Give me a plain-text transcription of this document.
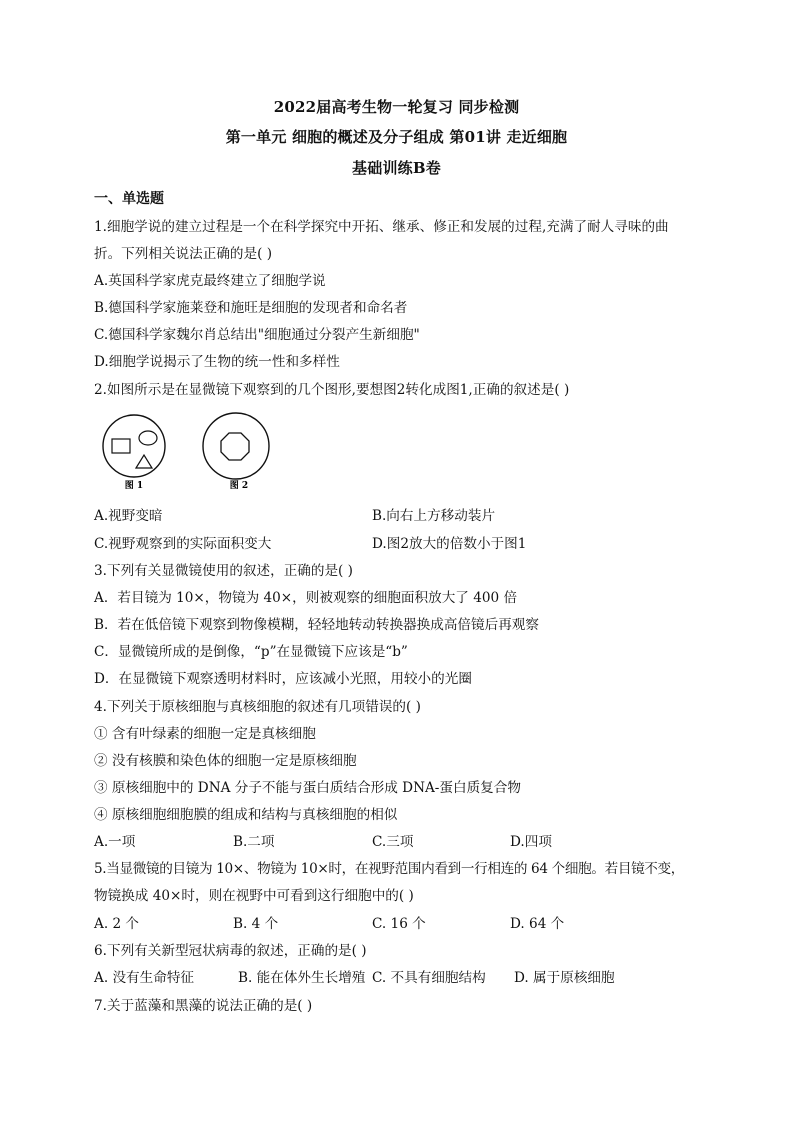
2022届高考生物一轮复习 同步检测
第一单元 细胞的概述及分子组成 第01讲 走近细胞
基础训练B卷
一、单选题
1.细胞学说的建立过程是一个在科学探究中开拓、继承、修正和发展的过程,充满了耐人寻味的曲
折。下列相关说法正确的是( )
A.英国科学家虎克最终建立了细胞学说
B.德国科学家施莱登和施旺是细胞的发现者和命名者
C.德国科学家魏尔肖总结出"细胞通过分裂产生新细胞"
D.细胞学说揭示了生物的统一性和多样性
2.如图所示是在显微镜下观察到的几个图形,要想图2转化成图1,正确的叙述是( )
图 1	图 2
A.视野变暗	B.向右上方移动装片
C.视野观察到的实际面积变大	D.图2放大的倍数小于图1
3.下列有关显微镜使用的叙述，正确的是( )
A．若目镜为 10×，物镜为 40×，则被观察的细胞面积放大了 400 倍
B．若在低倍镜下观察到物像模糊，轻轻地转动转换器换成高倍镜后再观察
C．显微镜所成的是倒像，“p”在显微镜下应该是“b”
D．在显微镜下观察透明材料时，应该减小光照，用较小的光圈
4.下列关于原核细胞与真核细胞的叙述有几项错误的( )
① 含有叶绿素的细胞一定是真核细胞
② 没有核膜和染色体的细胞一定是原核细胞
③ 原核细胞中的 DNA 分子不能与蛋白质结合形成 DNA-蛋白质复合物
④ 原核细胞细胞膜的组成和结构与真核细胞的相似
A.一项	B.二项	C.三项	D.四项
5.当显微镜的目镜为 10×、物镜为 10×时，在视野范围内看到一行相连的 64 个细胞。若目镜不变，
物镜换成 40×时，则在视野中可看到这行细胞中的( )
A. 2 个	B. 4 个	C. 16 个	D. 64 个
6.下列有关新型冠状病毒的叙述，正确的是( )
A. 没有生命特征	B. 能在体外生长增殖 C. 不具有细胞结构 D. 属于原核细胞
7.关于蓝藻和黑藻的说法正确的是( )
